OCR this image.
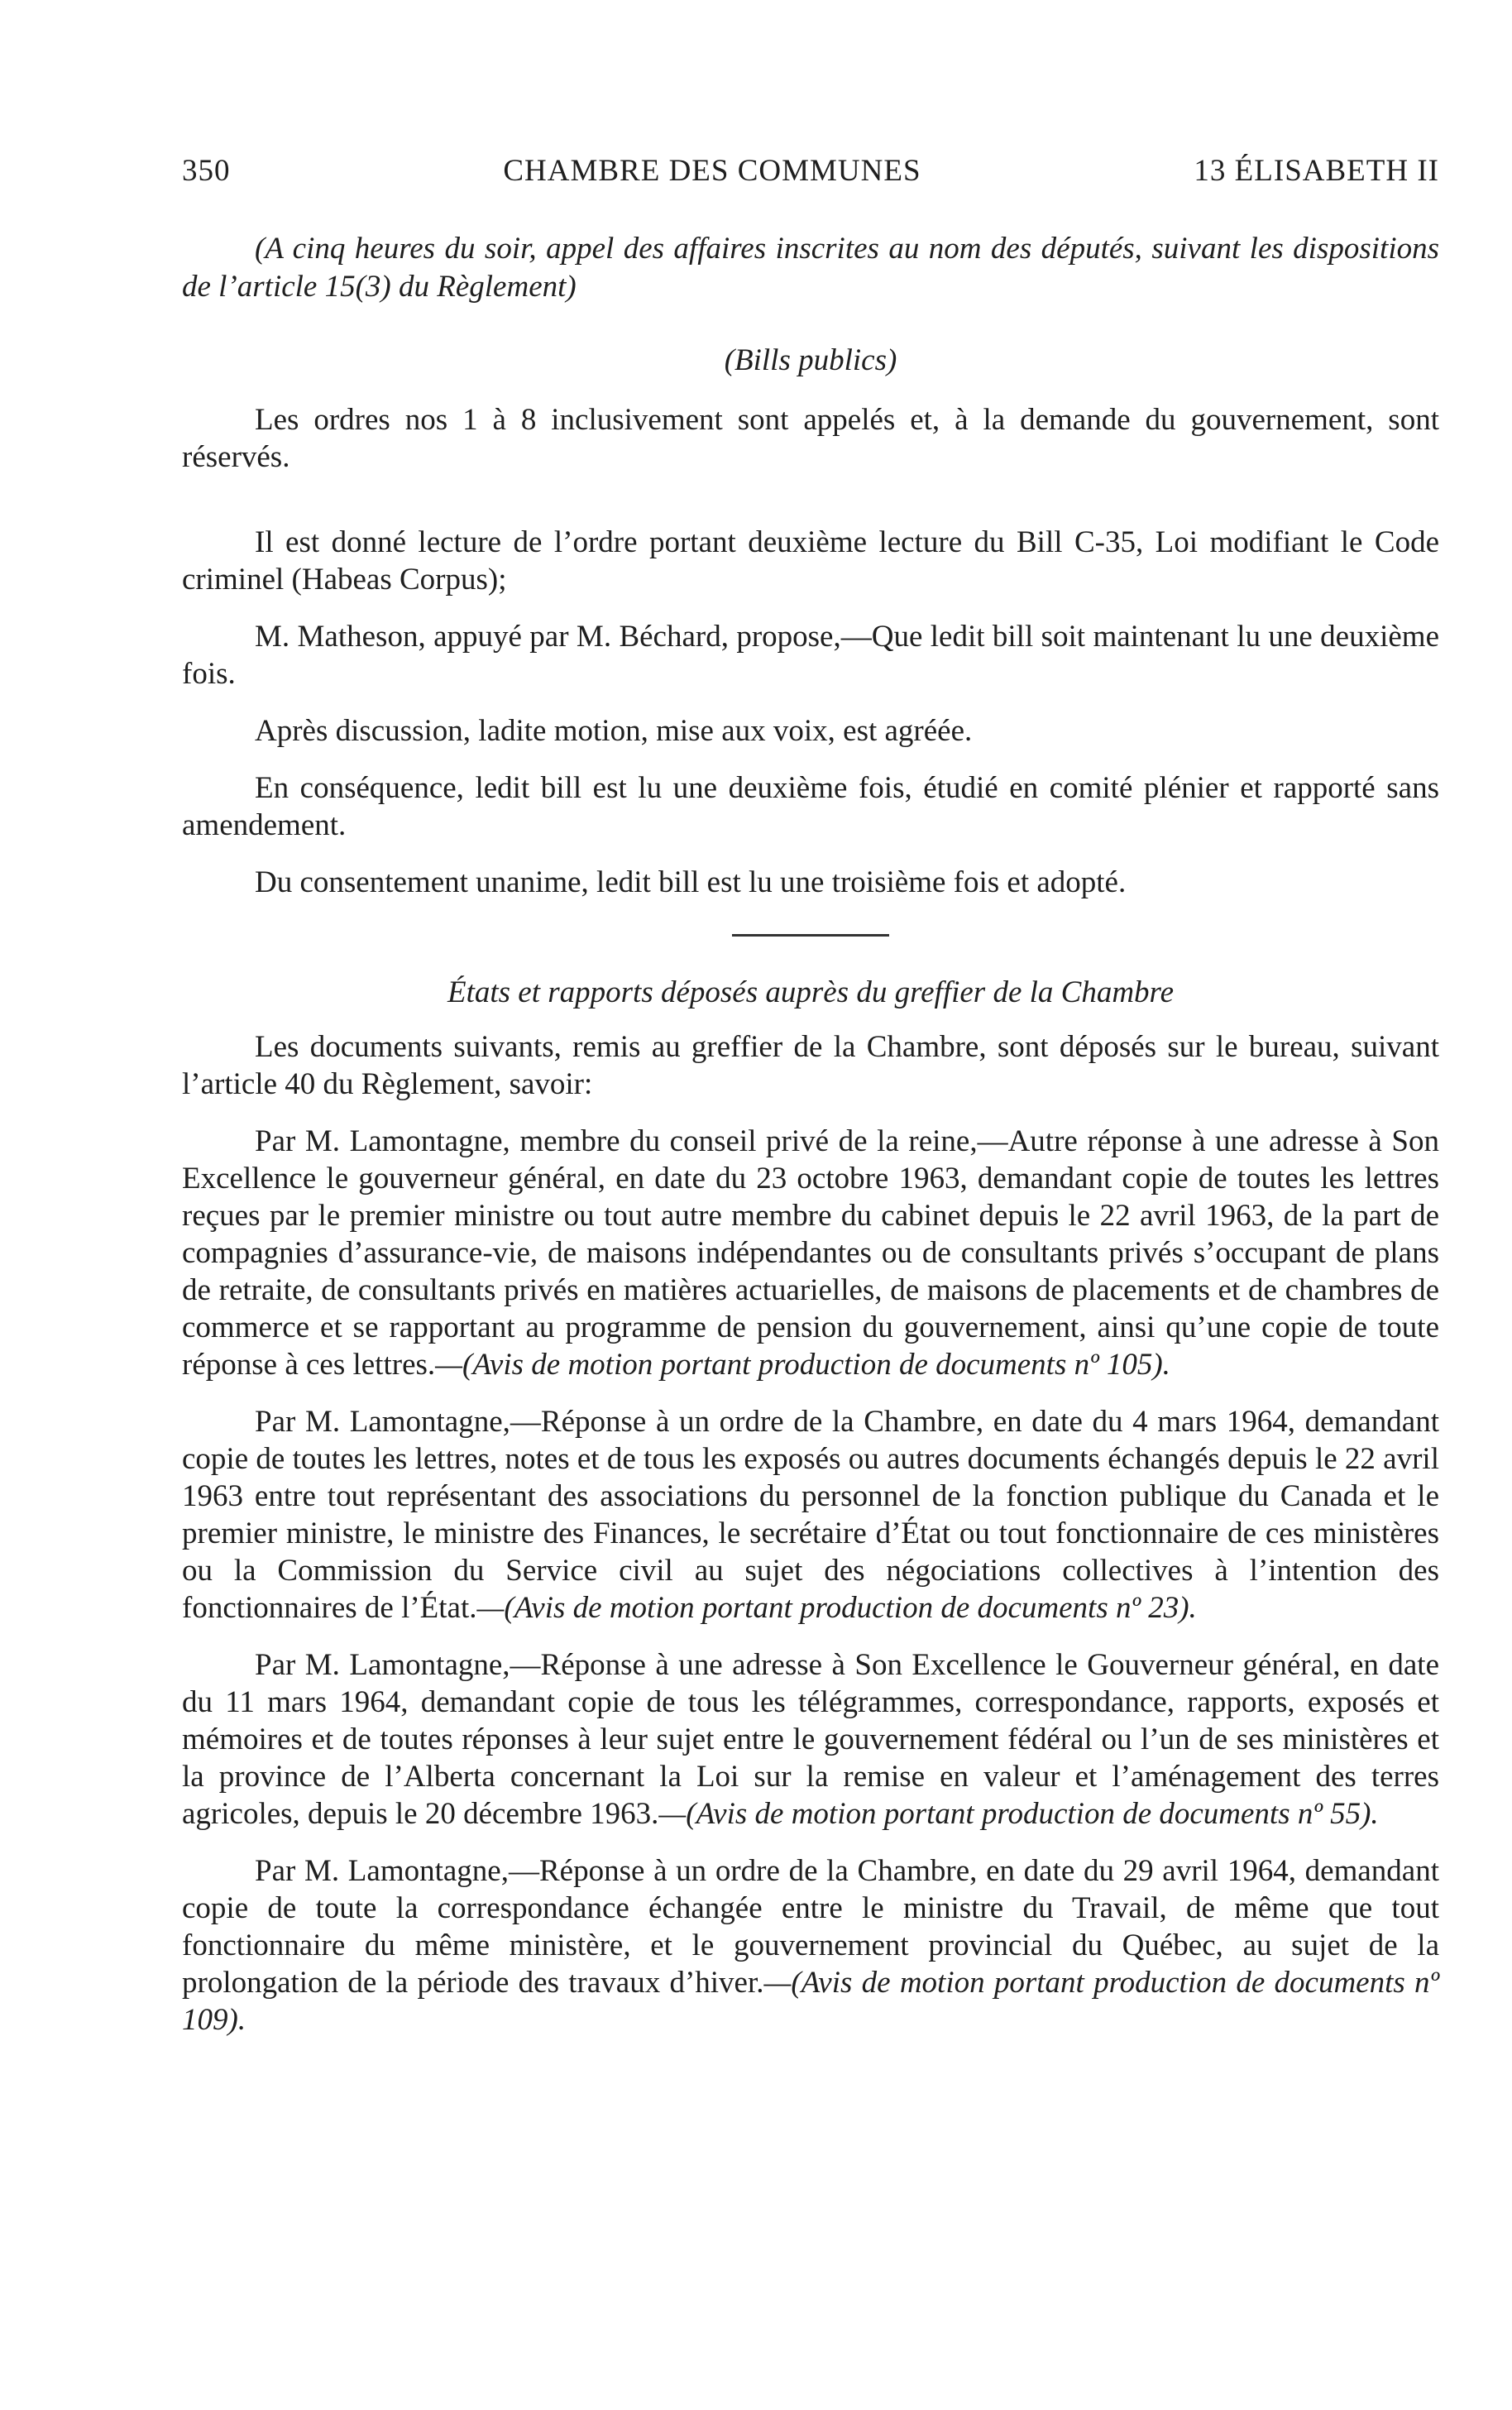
350	CHAMBRE DES COMMUNES	13 ÉLISABETH II

(A cinq heures du soir, appel des affaires inscrites au nom des députés, suivant les dispositions de l’article 15(3) du Règlement)

(Bills publics)

Les ordres nos 1 à 8 inclusivement sont appelés et, à la demande du gouvernement, sont réservés.

Il est donné lecture de l’ordre portant deuxième lecture du Bill C-35, Loi modifiant le Code criminel (Habeas Corpus);

M. Matheson, appuyé par M. Béchard, propose,—Que ledit bill soit maintenant lu une deuxième fois.

Après discussion, ladite motion, mise aux voix, est agréée.

En conséquence, ledit bill est lu une deuxième fois, étudié en comité plénier et rapporté sans amendement.

Du consentement unanime, ledit bill est lu une troisième fois et adopté.

États et rapports déposés auprès du greffier de la Chambre

Les documents suivants, remis au greffier de la Chambre, sont déposés sur le bureau, suivant l’article 40 du Règlement, savoir:

Par M. Lamontagne, membre du conseil privé de la reine,—Autre réponse à une adresse à Son Excellence le gouverneur général, en date du 23 octobre 1963, demandant copie de toutes les lettres reçues par le premier ministre ou tout autre membre du cabinet depuis le 22 avril 1963, de la part de compagnies d’assurance-vie, de maisons indépendantes ou de consultants privés s’occupant de plans de retraite, de consultants privés en matières actuarielles, de maisons de placements et de chambres de commerce et se rapportant au programme de pension du gouvernement, ainsi qu’une copie de toute réponse à ces lettres.—(Avis de motion portant production de documents nº 105).

Par M. Lamontagne,—Réponse à un ordre de la Chambre, en date du 4 mars 1964, demandant copie de toutes les lettres, notes et de tous les exposés ou autres documents échangés depuis le 22 avril 1963 entre tout représentant des associations du personnel de la fonction publique du Canada et le premier ministre, le ministre des Finances, le secrétaire d’État ou tout fonctionnaire de ces ministères ou la Commission du Service civil au sujet des négociations collectives à l’intention des fonctionnaires de l’État.—(Avis de motion portant production de documents nº 23).

Par M. Lamontagne,—Réponse à une adresse à Son Excellence le Gouverneur général, en date du 11 mars 1964, demandant copie de tous les télégrammes, correspondance, rapports, exposés et mémoires et de toutes réponses à leur sujet entre le gouvernement fédéral ou l’un de ses ministères et la province de l’Alberta concernant la Loi sur la remise en valeur et l’aménagement des terres agricoles, depuis le 20 décembre 1963.—(Avis de motion portant production de documents nº 55).

Par M. Lamontagne,—Réponse à un ordre de la Chambre, en date du 29 avril 1964, demandant copie de toute la correspondance échangée entre le ministre du Travail, de même que tout fonctionnaire du même ministère, et le gouvernement provincial du Québec, au sujet de la prolongation de la période des travaux d’hiver.—(Avis de motion portant production de documents nº 109).
